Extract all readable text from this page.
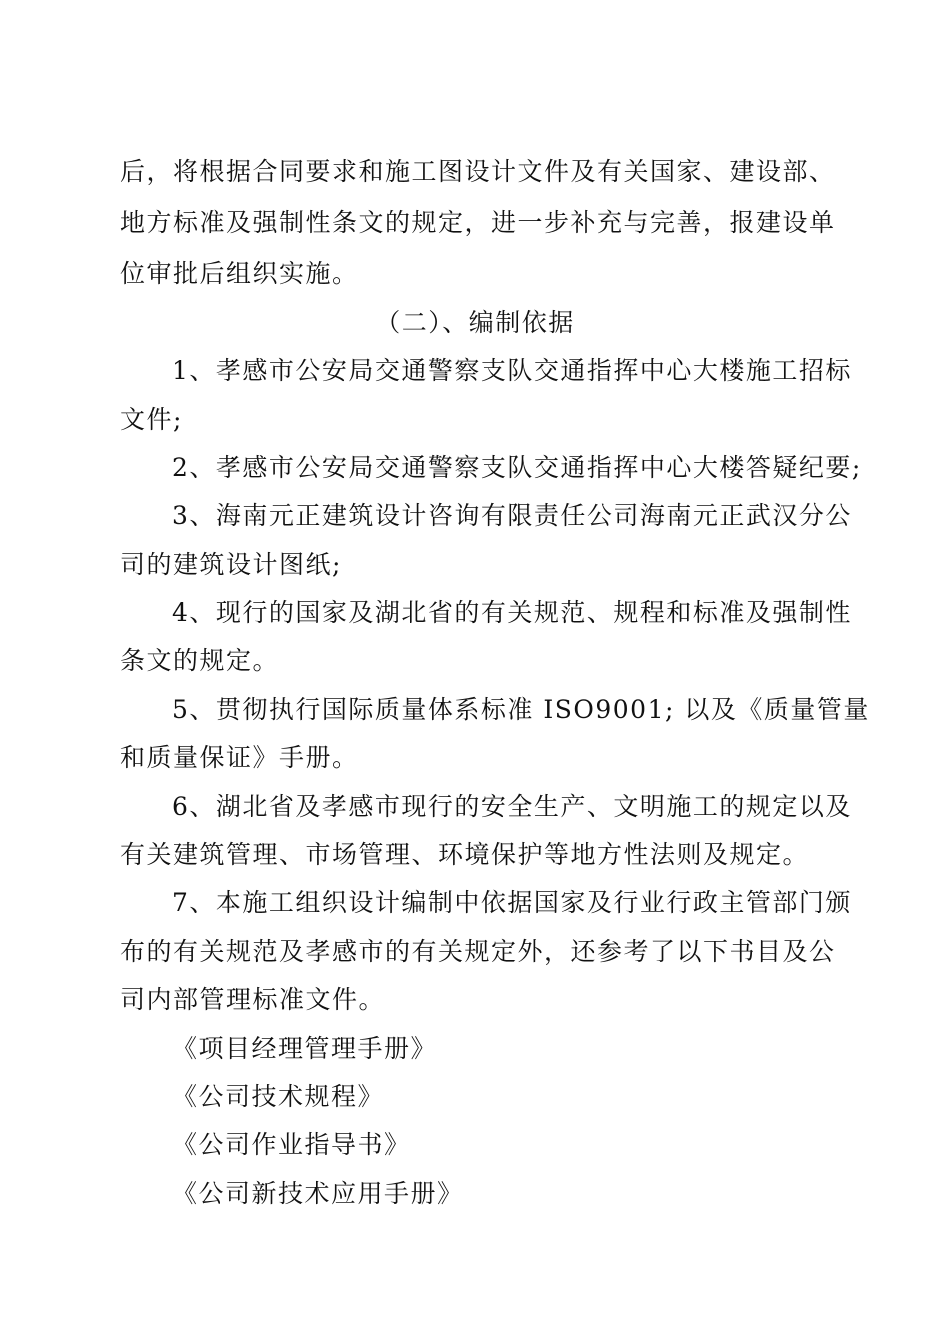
后，将根据合同要求和施工图设计文件及有关国家、建设部、
地方标准及强制性条文的规定，进一步补充与完善，报建设单
位审批后组织实施。
（二）、编制依据
1、孝感市公安局交通警察支队交通指挥中心大楼施工招标
文件;
2、孝感市公安局交通警察支队交通指挥中心大楼答疑纪要;
3、海南元正建筑设计咨询有限责任公司海南元正武汉分公
司的建筑设计图纸;
4、现行的国家及湖北省的有关规范、规程和标准及强制性
条文的规定。
5、贯彻执行国际质量体系标准 ISO9001; 以及《质量管量
和质量保证》手册。
6、湖北省及孝感市现行的安全生产、文明施工的规定以及
有关建筑管理、市场管理、环境保护等地方性法则及规定。
7、本施工组织设计编制中依据国家及行业行政主管部门颁
布的有关规范及孝感市的有关规定外，还参考了以下书目及公
司内部管理标准文件。
《项目经理管理手册》
《公司技术规程》
《公司作业指导书》
《公司新技术应用手册》
